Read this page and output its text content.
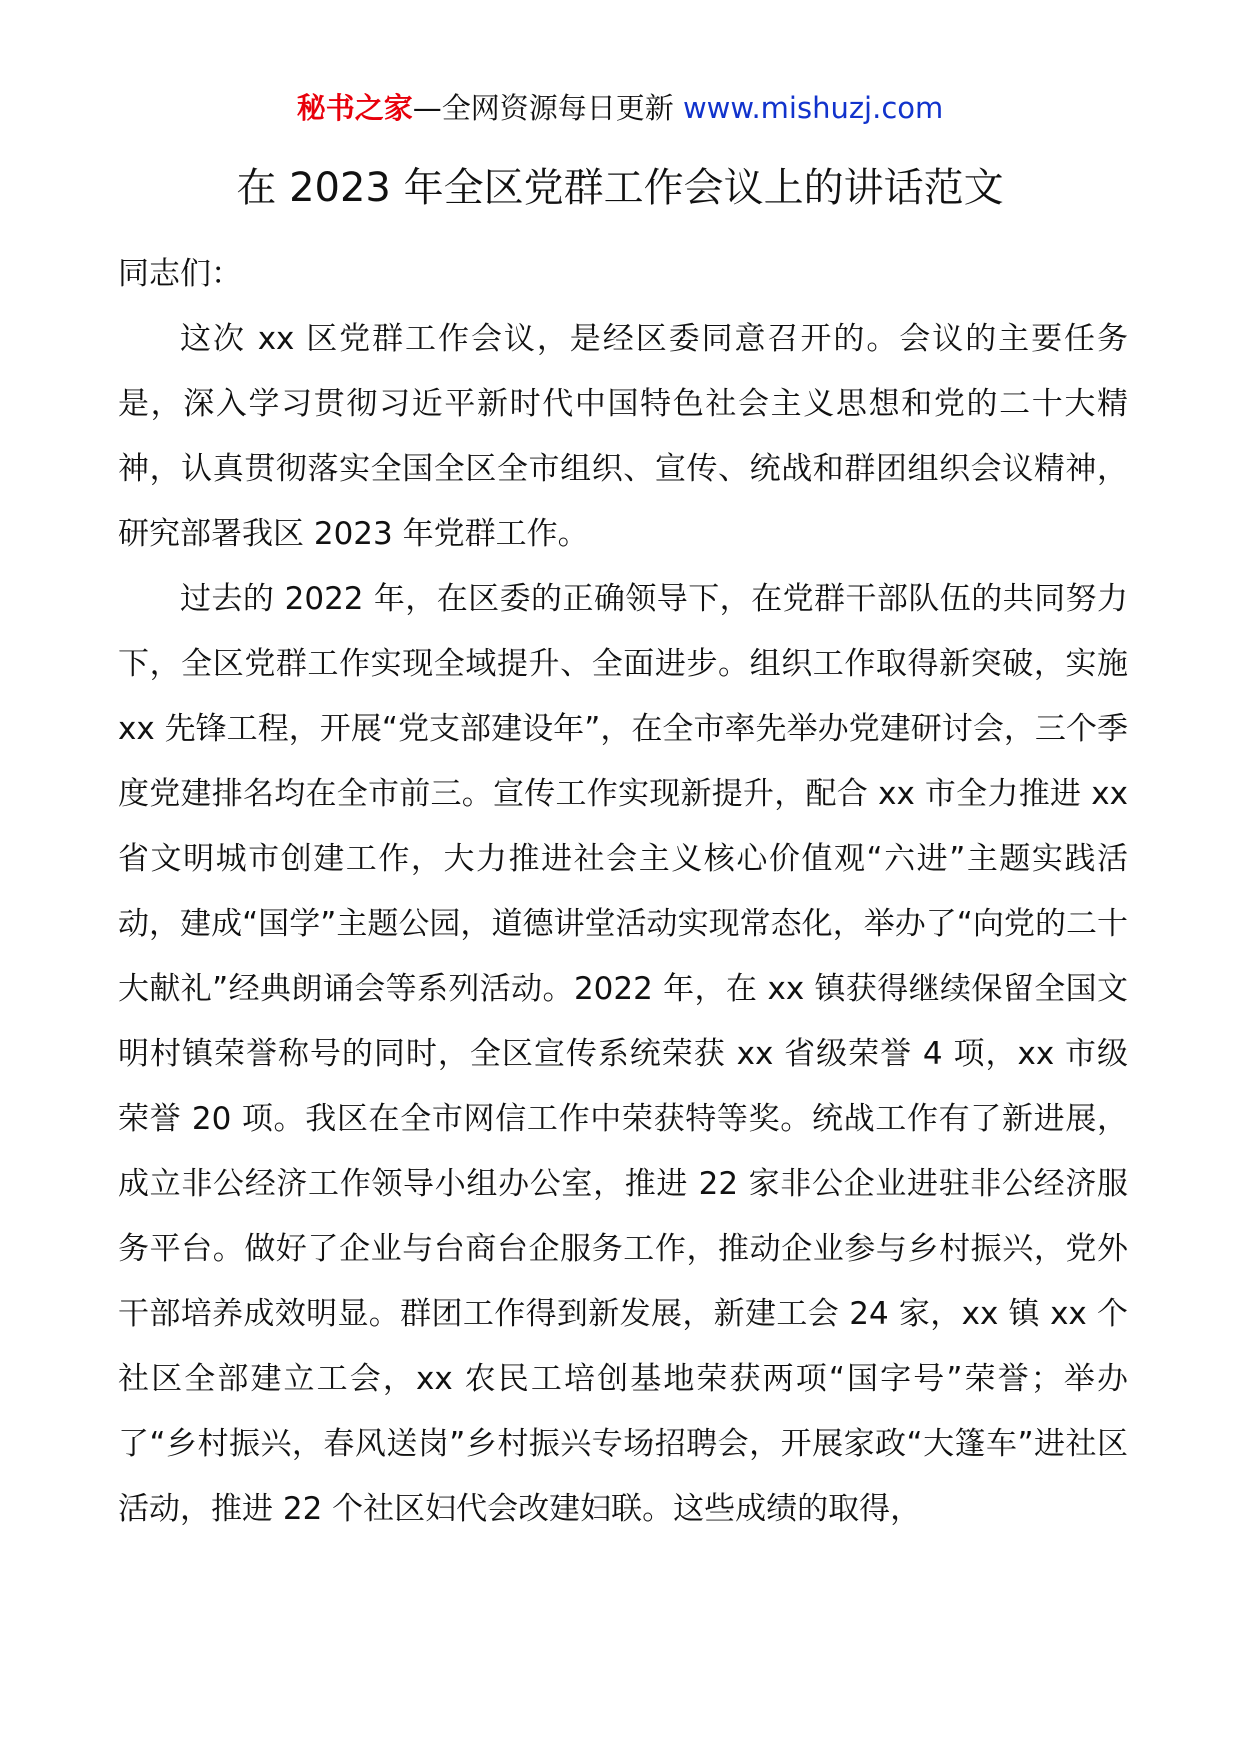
秘书之家—全网资源每日更新 www.mishuzj.com
在 2023 年全区党群工作会议上的讲话范文

同志们：

这次 xx 区党群工作会议，是经区委同意召开的。会议的主要任务是，深入学习贯彻习近平新时代中国特色社会主义思想和党的二十大精神，认真贯彻落实全国全区全市组织、宣传、统战和群团组织会议精神，研究部署我区 2023 年党群工作。

过去的 2022 年，在区委的正确领导下，在党群干部队伍的共同努力下，全区党群工作实现全域提升、全面进步。组织工作取得新突破，实施 xx 先锋工程，开展“党支部建设年”，在全市率先举办党建研讨会，三个季度党建排名均在全市前三。宣传工作实现新提升，配合 xx 市全力推进 xx 省文明城市创建工作，大力推进社会主义核心价值观“六进”主题实践活动，建成“国学”主题公园，道德讲堂活动实现常态化，举办了“向党的二十大献礼”经典朗诵会等系列活动。2022 年，在 xx 镇获得继续保留全国文明村镇荣誉称号的同时，全区宣传系统荣获 xx 省级荣誉 4 项，xx 市级荣誉 20 项。我区在全市网信工作中荣获特等奖。统战工作有了新进展，成立非公经济工作领导小组办公室，推进 22 家非公企业进驻非公经济服务平台。做好了企业与台商台企服务工作，推动企业参与乡村振兴，党外干部培养成效明显。群团工作得到新发展，新建工会 24 家，xx 镇 xx 个社区全部建立工会，xx 农民工培创基地荣获两项“国字号”荣誉；举办了“乡村振兴，春风送岗”乡村振兴专场招聘会，开展家政“大篷车”进社区活动，推进 22 个社区妇代会改建妇联。这些成绩的取得，
